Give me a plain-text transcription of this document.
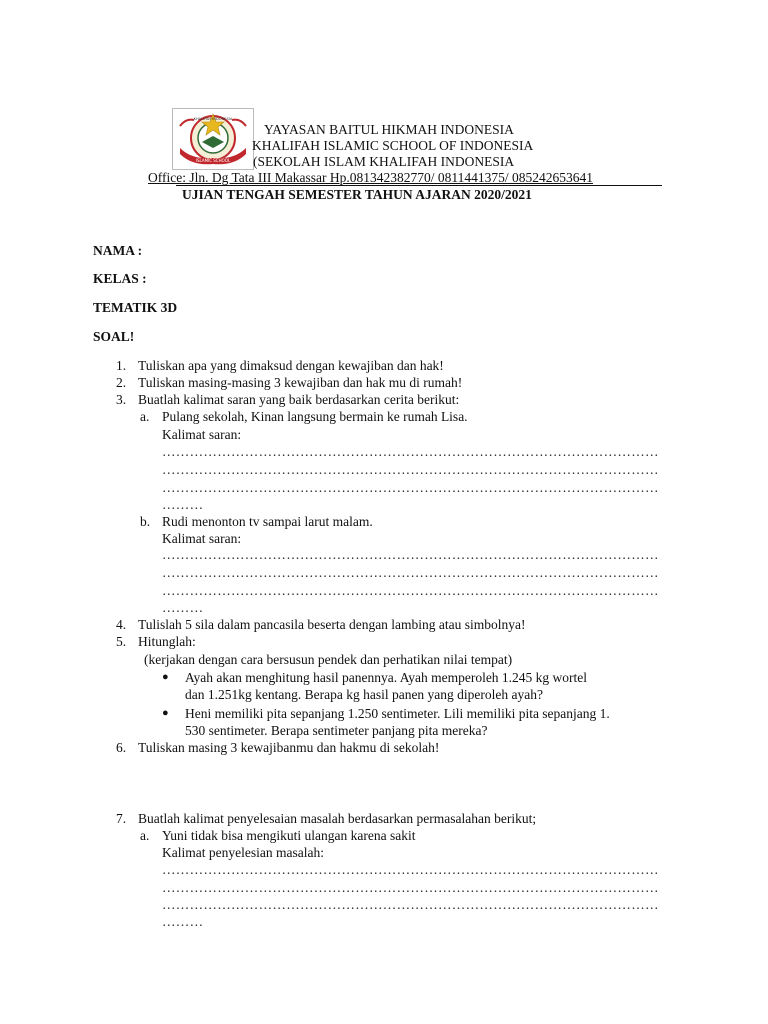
ISLAMIC SCHOOL
KHALIFAH INDONESIA
YAYASAN BAITUL HIKMAH INDONESIA
KHALIFAH ISLAMIC SCHOOL OF INDONESIA
(SEKOLAH ISLAM KHALIFAH INDONESIA
Office: Jln. Dg Tata III Makassar Hp.081342382770/ 0811441375/ 085242653641
UJIAN TENGAH SEMESTER TAHUN AJARAN 2020/2021
NAMA :
KELAS :
TEMATIK 3D
SOAL!
1. Tuliskan apa yang dimaksud dengan kewajiban dan hak!
2. Tuliskan masing-masing 3 kewajiban dan hak mu di rumah!
3. Buatlah kalimat saran yang baik berdasarkan cerita berikut:
a. Pulang sekolah, Kinan langsung bermain ke rumah Lisa.
Kalimat saran:
………………………………………………………………………………………………
………………………………………………………………………………………………
………………………………………………………………………………………………
………
b. Rudi menonton tv sampai larut malam.
Kalimat saran:
………………………………………………………………………………………………
………………………………………………………………………………………………
………………………………………………………………………………………………
………
4. Tulislah 5 sila dalam pancasila beserta dengan lambing atau simbolnya!
5. Hitunglah:
(kerjakan dengan cara bersusun pendek dan perhatikan nilai tempat)
● Ayah akan menghitung hasil panennya. Ayah memperoleh 1.245 kg wortel
dan 1.251kg kentang. Berapa kg hasil panen yang diperoleh ayah?
● Heni memiliki pita sepanjang 1.250 sentimeter. Lili memiliki pita sepanjang 1.
530 sentimeter. Berapa sentimeter panjang pita mereka?
6. Tuliskan masing 3 kewajibanmu dan hakmu di sekolah!
7. Buatlah kalimat penyelesaian masalah berdasarkan permasalahan berikut;
a. Yuni tidak bisa mengikuti ulangan karena sakit
Kalimat penyelesian masalah:
………………………………………………………………………………………………
………………………………………………………………………………………………
………………………………………………………………………………………………
………
